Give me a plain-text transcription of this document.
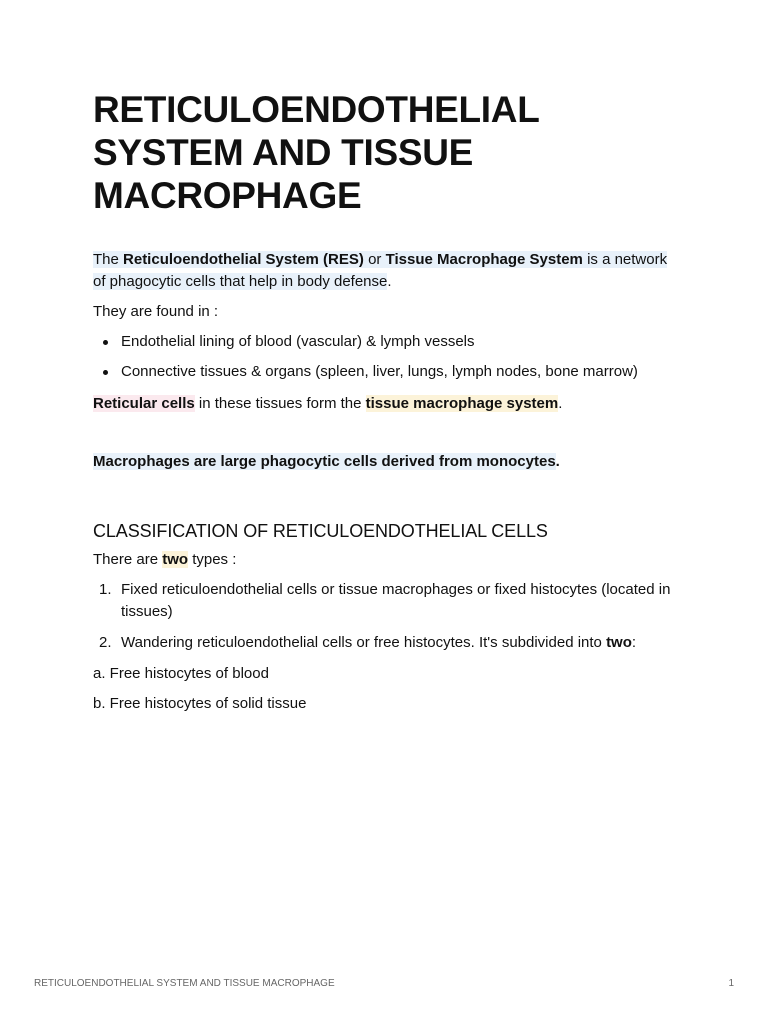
RETICULOENDOTHELIAL
SYSTEM AND TISSUE
MACROPHAGE

The Reticuloendothelial System (RES) or Tissue Macrophage System is a network of phagocytic cells that help in body defense.

They are found in :

Endothelial lining of blood (vascular) & lymph vessels
Connective tissues & organs (spleen, liver, lungs, lymph nodes, bone marrow)

Reticular cells in these tissues form the tissue macrophage system.

Macrophages are large phagocytic cells derived from monocytes.

CLASSIFICATION OF RETICULOENDOTHELIAL CELLS

There are two types :

1. Fixed reticuloendothelial cells or tissue macrophages or fixed histocytes (located in tissues)
2. Wandering reticuloendothelial cells or free histocytes. It's subdivided into two:

a. Free histocytes of blood

b. Free histocytes of solid tissue

RETICULOENDOTHELIAL SYSTEM AND TISSUE MACROPHAGE	1
